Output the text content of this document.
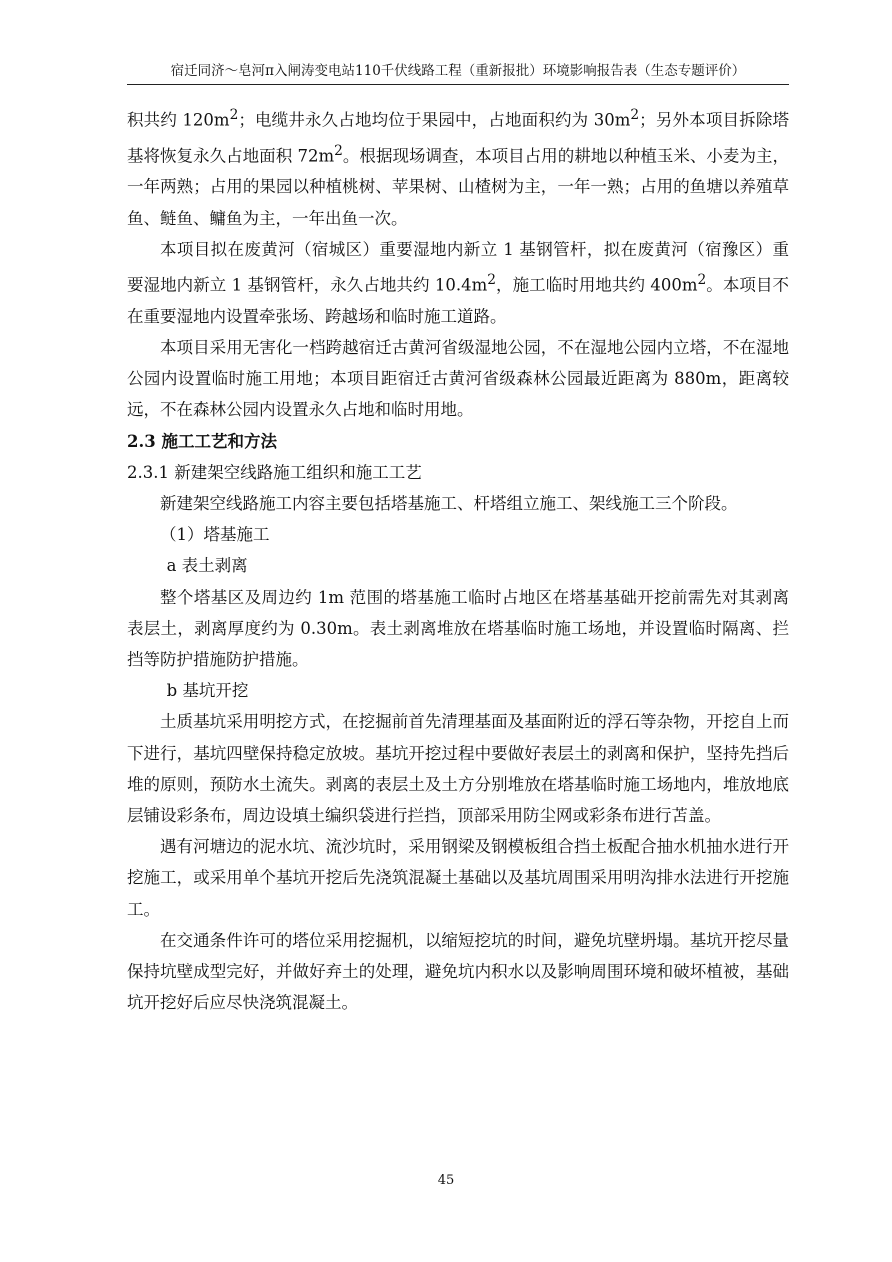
宿迁同济～皂河π入闸涛变电站110千伏线路工程（重新报批）环境影响报告表（生态专题评价）

积共约 $120m^2$；电缆井永久占地均位于果园中，占地面积约为 $30m^2$；另外本项目拆除塔基将恢复永久占地面积 $72m^2$。根据现场调查，本项目占用的耕地以种植玉米、小麦为主，一年两熟；占用的果园以种植桃树、苹果树、山楂树为主，一年一熟；占用的鱼塘以养殖草鱼、鲢鱼、鳙鱼为主，一年出鱼一次。

本项目拟在废黄河（宿城区）重要湿地内新立 1 基钢管杆，拟在废黄河（宿豫区）重要湿地内新立 1 基钢管杆，永久占地共约 $10.4m^2$，施工临时用地共约 $400m^2$。本项目不在重要湿地内设置牵张场、跨越场和临时施工道路。

本项目采用无害化一档跨越宿迁古黄河省级湿地公园，不在湿地公园内立塔，不在湿地公园内设置临时施工用地；本项目距宿迁古黄河省级森林公园最近距离为 880m，距离较远，不在森林公园内设置永久占地和临时用地。

2.3 施工工艺和方法

2.3.1 新建架空线路施工组织和施工工艺

新建架空线路施工内容主要包括塔基施工、杆塔组立施工、架线施工三个阶段。

（1）塔基施工

a 表土剥离

整个塔基区及周边约 1m 范围的塔基施工临时占地区在塔基基础开挖前需先对其剥离表层土，剥离厚度约为 0.30m。表土剥离堆放在塔基临时施工场地，并设置临时隔离、拦挡等防护措施防护措施。

b 基坑开挖

土质基坑采用明挖方式，在挖掘前首先清理基面及基面附近的浮石等杂物，开挖自上而下进行，基坑四壁保持稳定放坡。基坑开挖过程中要做好表层土的剥离和保护，坚持先挡后堆的原则，预防水土流失。剥离的表层土及土方分别堆放在塔基临时施工场地内，堆放地底层铺设彩条布，周边设填土编织袋进行拦挡，顶部采用防尘网或彩条布进行苫盖。

遇有河塘边的泥水坑、流沙坑时，采用钢梁及钢模板组合挡土板配合抽水机抽水进行开挖施工，或采用单个基坑开挖后先浇筑混凝土基础以及基坑周围采用明沟排水法进行开挖施工。

在交通条件许可的塔位采用挖掘机，以缩短挖坑的时间，避免坑壁坍塌。基坑开挖尽量保持坑壁成型完好，并做好弃土的处理，避免坑内积水以及影响周围环境和破坏植被，基础坑开挖好后应尽快浇筑混凝土。

45
